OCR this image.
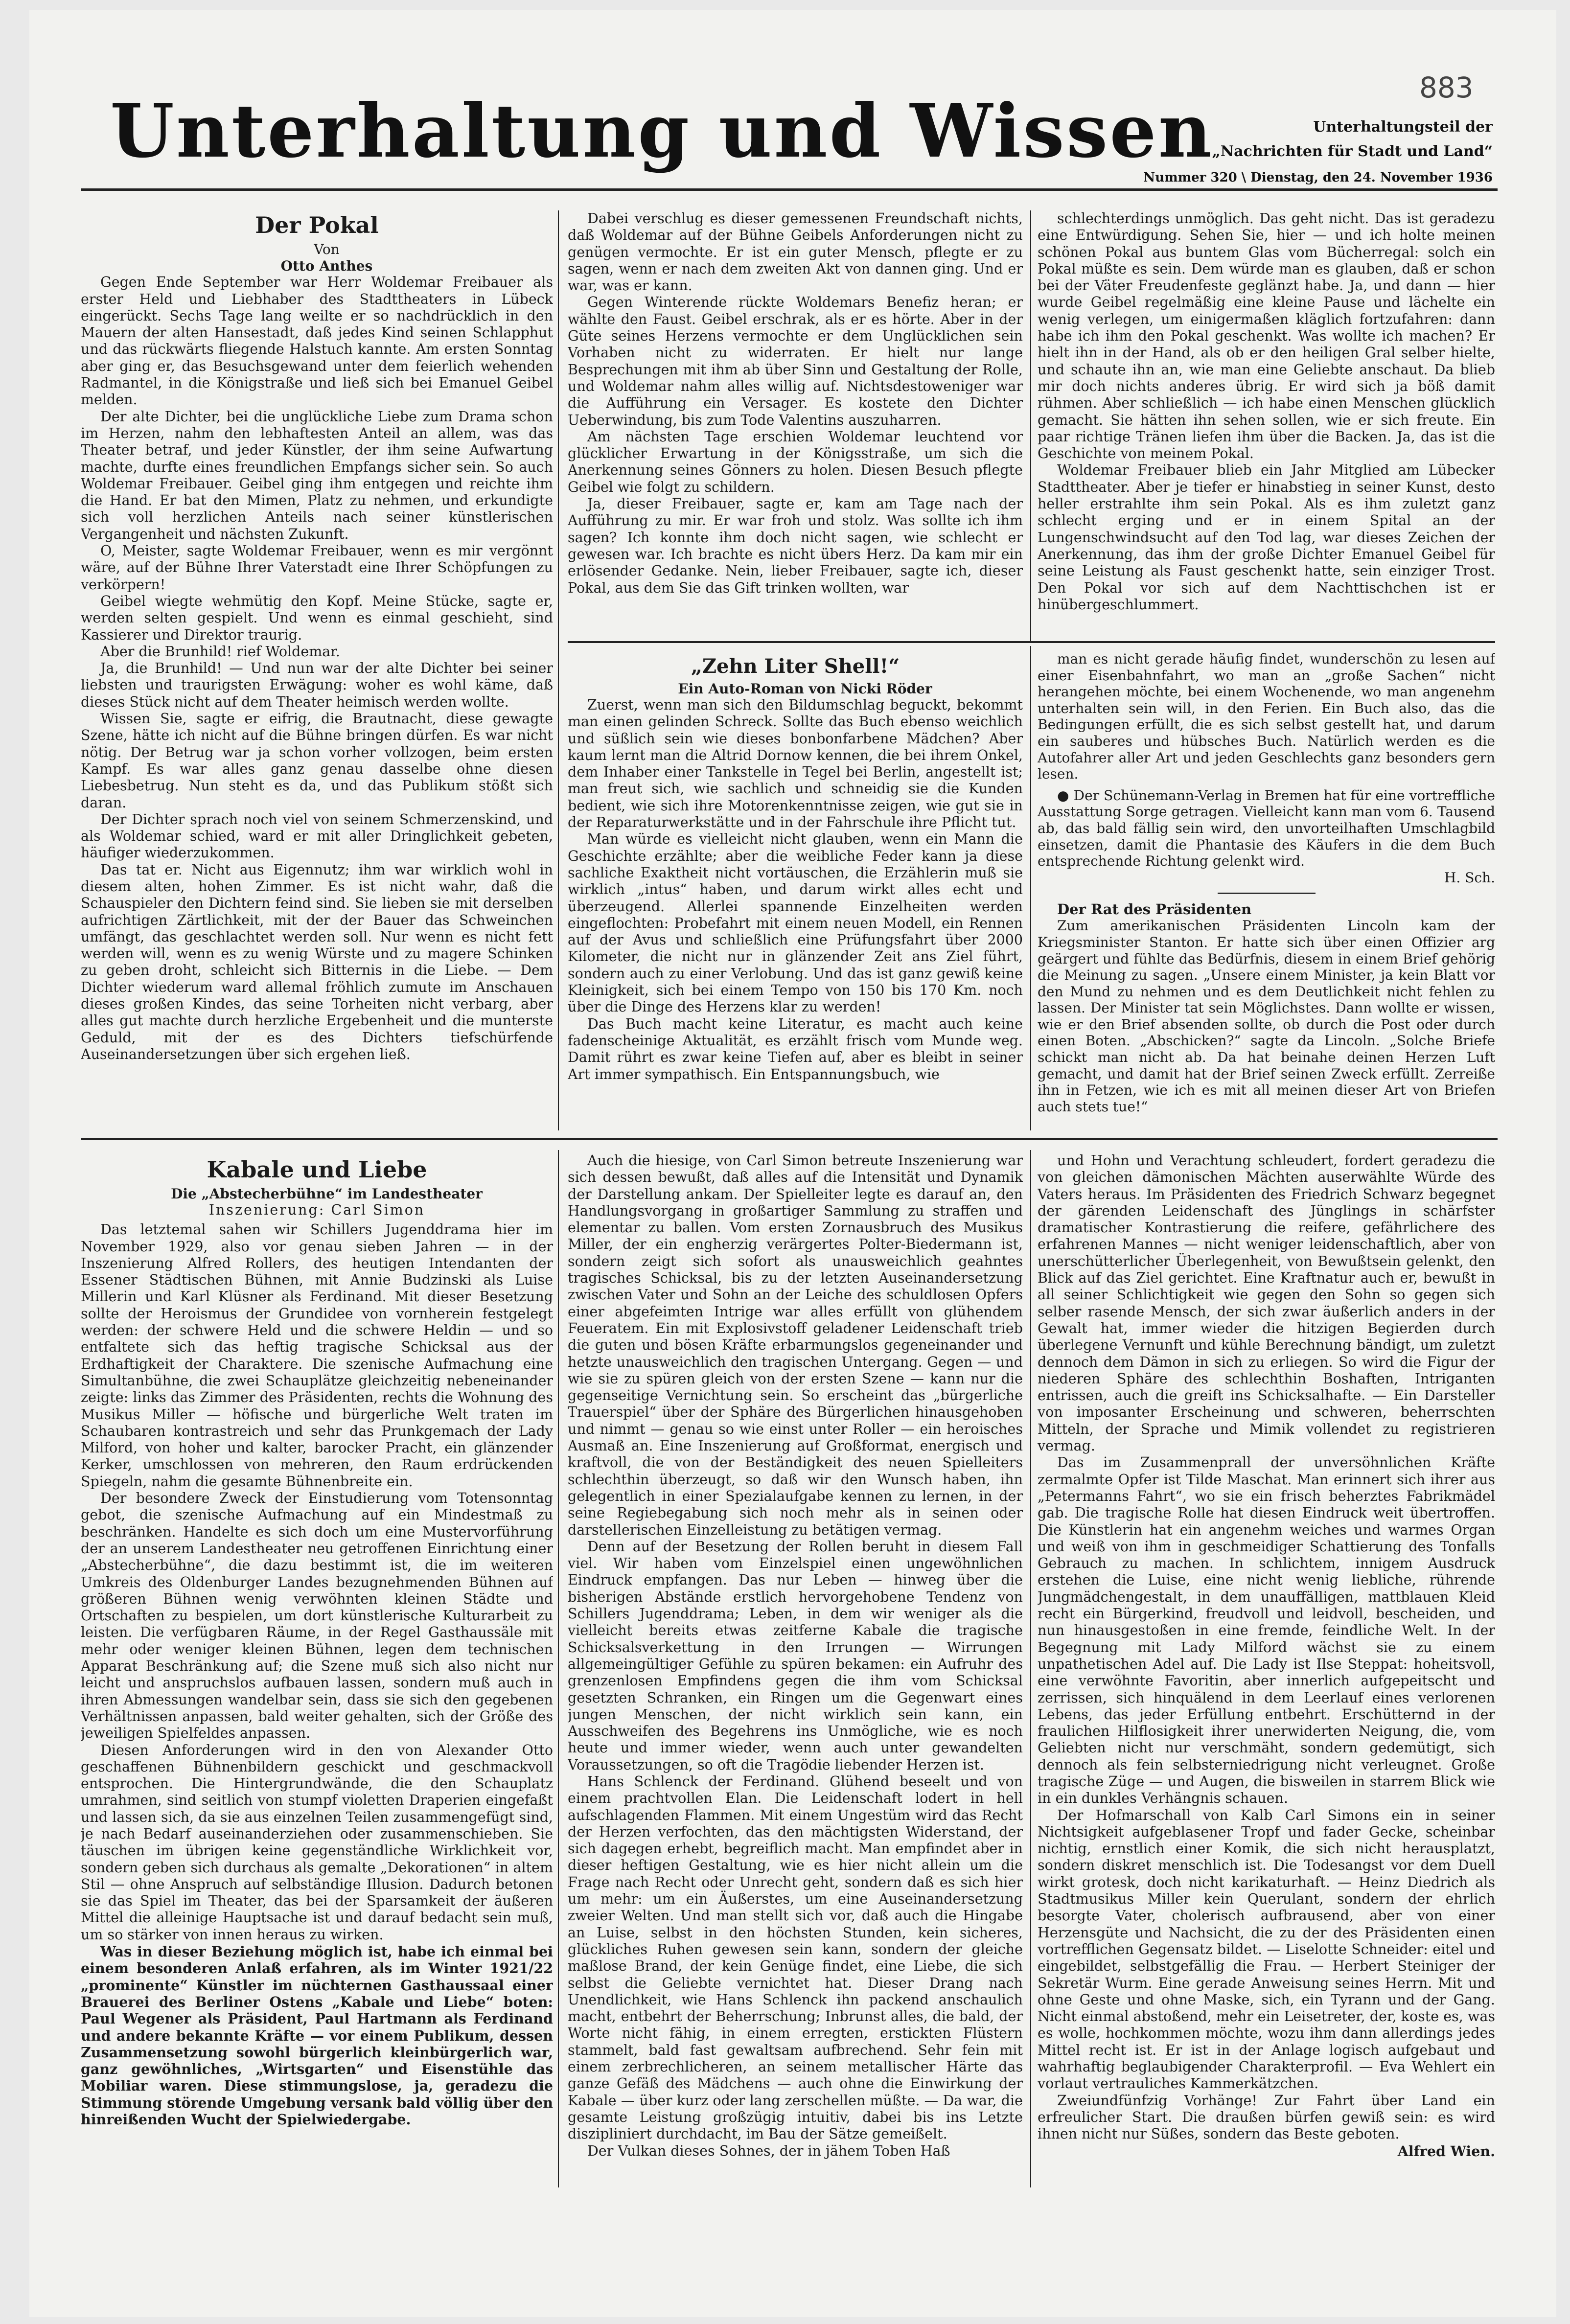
883
Unterhaltung und Wissen	Unterhaltungsteil der
„Nachrichten für Stadt und Land“
Nummer 320 \ Dienstag, den 24. November 1936
Der Pokal

Von

Otto Anthes

Gegen Ende September war Herr Woldemar Freibauer als erster Held und Liebhaber des Stadttheaters in Lübeck eingerückt. Sechs Tage lang weilte er so nachdrücklich in den Mauern der alten Hansestadt, daß jedes Kind seinen Schlapphut und das rückwärts fliegende Halstuch kannte. Am ersten Sonntag aber ging er, das Besuchsgewand unter dem feierlich wehenden Radmantel, in die Königstraße und ließ sich bei Emanuel Geibel melden.

Der alte Dichter, bei die unglückliche Liebe zum Drama schon im Herzen, nahm den lebhaftesten Anteil an allem, was das Theater betraf, und jeder Künstler, der ihm seine Aufwartung machte, durfte eines freundlichen Empfangs sicher sein. So auch Woldemar Freibauer. Geibel ging ihm entgegen und reichte ihm die Hand. Er bat den Mimen, Platz zu nehmen, und erkundigte sich voll herzlichen Anteils nach seiner künstlerischen Vergangenheit und nächsten Zukunft.

O, Meister, sagte Woldemar Freibauer, wenn es mir vergönnt wäre, auf der Bühne Ihrer Vaterstadt eine Ihrer Schöpfungen zu verkörpern!

Geibel wiegte wehmütig den Kopf. Meine Stücke, sagte er, werden selten gespielt. Und wenn es einmal geschieht, sind Kassierer und Direktor traurig.

Aber die Brunhild! rief Woldemar.

Ja, die Brunhild! — Und nun war der alte Dichter bei seiner liebsten und traurigsten Erwägung: woher es wohl käme, daß dieses Stück nicht auf dem Theater heimisch werden wollte.

Wissen Sie, sagte er eifrig, die Brautnacht, diese gewagte Szene, hätte ich nicht auf die Bühne bringen dürfen. Es war nicht nötig. Der Betrug war ja schon vorher vollzogen, beim ersten Kampf. Es war alles ganz genau dasselbe ohne diesen Liebesbetrug. Nun steht es da, und das Publikum stößt sich daran.

Der Dichter sprach noch viel von seinem Schmerzenskind, und als Woldemar schied, ward er mit aller Dringlichkeit gebeten, häufiger wiederzukommen.

Das tat er. Nicht aus Eigennutz; ihm war wirklich wohl in diesem alten, hohen Zimmer. Es ist nicht wahr, daß die Schauspieler den Dichtern feind sind. Sie lieben sie mit derselben aufrichtigen Zärtlichkeit, mit der der Bauer das Schweinchen umfängt, das geschlachtet werden soll. Nur wenn es nicht fett werden will, wenn es zu wenig Würste und zu magere Schinken zu geben droht, schleicht sich Bitternis in die Liebe. — Dem Dichter wiederum ward allemal fröhlich zumute im Anschauen dieses großen Kindes, das seine Torheiten nicht verbarg, aber alles gut machte durch herzliche Ergebenheit und die munterste Geduld, mit der es des Dichters tiefschürfende Auseinandersetzungen über sich ergehen ließ.

Dabei verschlug es dieser gemessenen Freundschaft nichts, daß Woldemar auf der Bühne Geibels Anforderungen nicht zu genügen vermochte. Er ist ein guter Mensch, pflegte er zu sagen, wenn er nach dem zweiten Akt von dannen ging. Und er war, was er kann.

Gegen Winterende rückte Woldemars Benefiz heran; er wählte den Faust. Geibel erschrak, als er es hörte. Aber in der Güte seines Herzens vermochte er dem Unglücklichen sein Vorhaben nicht zu widerraten. Er hielt nur lange Besprechungen mit ihm ab über Sinn und Gestaltung der Rolle, und Woldemar nahm alles willig auf. Nichtsdestoweniger war die Aufführung ein Versager. Es kostete den Dichter Ueberwindung, bis zum Tode Valentins auszuharren.

Am nächsten Tage erschien Woldemar leuchtend vor glücklicher Erwartung in der Königsstraße, um sich die Anerkennung seines Gönners zu holen. Diesen Besuch pflegte Geibel wie folgt zu schildern.

Ja, dieser Freibauer, sagte er, kam am Tage nach der Aufführung zu mir. Er war froh und stolz. Was sollte ich ihm sagen? Ich konnte ihm doch nicht sagen, wie schlecht er gewesen war. Ich brachte es nicht übers Herz. Da kam mir ein erlösender Gedanke. Nein, lieber Freibauer, sagte ich, dieser Pokal, aus dem Sie das Gift trinken wollten, war

schlechterdings unmöglich. Das geht nicht. Das ist geradezu eine Entwürdigung. Sehen Sie, hier — und ich holte meinen schönen Pokal aus buntem Glas vom Bücherregal: solch ein Pokal müßte es sein. Dem würde man es glauben, daß er schon bei der Väter Freudenfeste geglänzt habe. Ja, und dann — hier wurde Geibel regelmäßig eine kleine Pause und lächelte ein wenig verlegen, um einigermaßen kläglich fortzufahren: dann habe ich ihm den Pokal geschenkt. Was wollte ich machen? Er hielt ihn in der Hand, als ob er den heiligen Gral selber hielte, und schaute ihn an, wie man eine Geliebte anschaut. Da blieb mir doch nichts anderes übrig. Er wird sich ja böß damit rühmen. Aber schließlich — ich habe einen Menschen glücklich gemacht. Sie hätten ihn sehen sollen, wie er sich freute. Ein paar richtige Tränen liefen ihm über die Backen. Ja, das ist die Geschichte von meinem Pokal.

Woldemar Freibauer blieb ein Jahr Mitglied am Lübecker Stadttheater. Aber je tiefer er hinabstieg in seiner Kunst, desto heller erstrahlte ihm sein Pokal. Als es ihm zuletzt ganz schlecht erging und er in einem Spital an der Lungenschwindsucht auf den Tod lag, war dieses Zeichen der Anerkennung, das ihm der große Dichter Emanuel Geibel für seine Leistung als Faust geschenkt hatte, sein einziger Trost. Den Pokal vor sich auf dem Nachttischchen ist er hinübergeschlummert.

„Zehn Liter Shell!“

Ein Auto-Roman von Nicki Röder

Zuerst, wenn man sich den Bildumschlag beguckt, bekommt man einen gelinden Schreck. Sollte das Buch ebenso weichlich und süßlich sein wie dieses bonbonfarbene Mädchen? Aber kaum lernt man die Altrid Dornow kennen, die bei ihrem Onkel, dem Inhaber einer Tankstelle in Tegel bei Berlin, angestellt ist; man freut sich, wie sachlich und schneidig sie die Kunden bedient, wie sich ihre Motorenkenntnisse zeigen, wie gut sie in der Reparaturwerkstätte und in der Fahrschule ihre Pflicht tut.

Man würde es vielleicht nicht glauben, wenn ein Mann die Geschichte erzählte; aber die weibliche Feder kann ja diese sachliche Exaktheit nicht vortäuschen, die Erzählerin muß sie wirklich „intus“ haben, und darum wirkt alles echt und überzeugend. Allerlei spannende Einzelheiten werden eingeflochten: Probefahrt mit einem neuen Modell, ein Rennen auf der Avus und schließlich eine Prüfungsfahrt über 2000 Kilometer, die nicht nur in glänzender Zeit ans Ziel führt, sondern auch zu einer Verlobung. Und das ist ganz gewiß keine Kleinigkeit, sich bei einem Tempo von 150 bis 170 Km. noch über die Dinge des Herzens klar zu werden!

Das Buch macht keine Literatur, es macht auch keine fadenscheinige Aktualität, es erzählt frisch vom Munde weg. Damit rührt es zwar keine Tiefen auf, aber es bleibt in seiner Art immer sympathisch. Ein Entspannungsbuch, wie

man es nicht gerade häufig findet, wunderschön zu lesen auf einer Eisenbahnfahrt, wo man an „große Sachen“ nicht herangehen möchte, bei einem Wochenende, wo man angenehm unterhalten sein will, in den Ferien. Ein Buch also, das die Bedingungen erfüllt, die es sich selbst gestellt hat, und darum ein sauberes und hübsches Buch. Natürlich werden es die Autofahrer aller Art und jeden Geschlechts ganz besonders gern lesen.

● Der Schünemann-Verlag in Bremen hat für eine vortreffliche Ausstattung Sorge getragen. Vielleicht kann man vom 6. Tausend ab, das bald fällig sein wird, den unvorteilhaften Umschlagbild einsetzen, damit die Phantasie des Käufers in die dem Buch entsprechende Richtung gelenkt wird.

H. Sch.

Der Rat des Präsidenten

Zum amerikanischen Präsidenten Lincoln kam der Kriegsminister Stanton. Er hatte sich über einen Offizier arg geärgert und fühlte das Bedürfnis, diesem in einem Brief gehörig die Meinung zu sagen. „Unsere einem Minister, ja kein Blatt vor den Mund zu nehmen und es dem Deutlichkeit nicht fehlen zu lassen. Der Minister tat sein Möglichstes. Dann wollte er wissen, wie er den Brief absenden sollte, ob durch die Post oder durch einen Boten. „Abschicken?“ sagte da Lincoln. „Solche Briefe schickt man nicht ab. Da hat beinahe deinen Herzen Luft gemacht, und damit hat der Brief seinen Zweck erfüllt. Zerreiße ihn in Fetzen, wie ich es mit all meinen dieser Art von Briefen auch stets tue!“

Kabale und Liebe

Die „Abstecherbühne“ im Landestheater

Inszenierung: Carl Simon

Das letztemal sahen wir Schillers Jugenddrama hier im November 1929, also vor genau sieben Jahren — in der Inszenierung Alfred Rollers, des heutigen Intendanten der Essener Städtischen Bühnen, mit Annie Budzinski als Luise Millerin und Karl Klüsner als Ferdinand. Mit dieser Besetzung sollte der Heroismus der Grundidee von vornherein festgelegt werden: der schwere Held und die schwere Heldin — und so entfaltete sich das heftig tragische Schicksal aus der Erdhaftigkeit der Charaktere. Die szenische Aufmachung eine Simultanbühne, die zwei Schauplätze gleichzeitig nebeneinander zeigte: links das Zimmer des Präsidenten, rechts die Wohnung des Musikus Miller — höfische und bürgerliche Welt traten im Schaubaren kontrastreich und sehr das Prunkgemach der Lady Milford, von hoher und kalter, barocker Pracht, ein glänzender Kerker, umschlossen von mehreren, den Raum erdrückenden Spiegeln, nahm die gesamte Bühnenbreite ein.

Der besondere Zweck der Einstudierung vom Totensonntag gebot, die szenische Aufmachung auf ein Mindestmaß zu beschränken. Handelte es sich doch um eine Mustervorführung der an unserem Landestheater neu getroffenen Einrichtung einer „Abstecherbühne“, die dazu bestimmt ist, die im weiteren Umkreis des Oldenburger Landes bezugnehmenden Bühnen auf größeren Bühnen wenig verwöhnten kleinen Städte und Ortschaften zu bespielen, um dort künstlerische Kulturarbeit zu leisten. Die verfügbaren Räume, in der Regel Gasthaussäle mit mehr oder weniger kleinen Bühnen, legen dem technischen Apparat Beschränkung auf; die Szene muß sich also nicht nur leicht und anspruchslos aufbauen lassen, sondern muß auch in ihren Abmessungen wandelbar sein, dass sie sich den gegebenen Verhältnissen anpassen, bald weiter gehalten, sich der Größe des jeweiligen Spielfeldes anpassen.

Diesen Anforderungen wird in den von Alexander Otto geschaffenen Bühnenbildern geschickt und geschmackvoll entsprochen. Die Hintergrundwände, die den Schauplatz umrahmen, sind seitlich von stumpf violetten Draperien eingefaßt und lassen sich, da sie aus einzelnen Teilen zusammengefügt sind, je nach Bedarf auseinanderziehen oder zusammenschieben. Sie täuschen im übrigen keine gegenständliche Wirklichkeit vor, sondern geben sich durchaus als gemalte „Dekorationen“ in altem Stil — ohne Anspruch auf selbständige Illusion. Dadurch betonen sie das Spiel im Theater, das bei der Sparsamkeit der äußeren Mittel die alleinige Hauptsache ist und darauf bedacht sein muß, um so stärker von innen heraus zu wirken.

Was in dieser Beziehung möglich ist, habe ich einmal bei einem besonderen Anlaß erfahren, als im Winter 1921/22 „prominente“ Künstler im nüchternen Gasthaussaal einer Brauerei des Berliner Ostens „Kabale und Liebe“ boten: Paul Wegener als Präsident, Paul Hartmann als Ferdinand und andere bekannte Kräfte — vor einem Publikum, dessen Zusammensetzung sowohl bürgerlich kleinbürgerlich war, ganz gewöhnliches, „Wirtsgarten“ und Eisenstühle das Mobiliar waren. Diese stimmungslose, ja, geradezu die Stimmung störende Umgebung versank bald völlig über den hinreißenden Wucht der Spielwiedergabe.

Auch die hiesige, von Carl Simon betreute Inszenierung war sich dessen bewußt, daß alles auf die Intensität und Dynamik der Darstellung ankam. Der Spielleiter legte es darauf an, den Handlungsvorgang in großartiger Sammlung zu straffen und elementar zu ballen. Vom ersten Zornausbruch des Musikus Miller, der ein engherzig verärgertes Polter-Biedermann ist, sondern zeigt sich sofort als unausweichlich geahntes tragisches Schicksal, bis zu der letzten Auseinandersetzung zwischen Vater und Sohn an der Leiche des schuldlosen Opfers einer abgefeimten Intrige war alles erfüllt von glühendem Feueratem. Ein mit Explosivstoff geladener Leidenschaft trieb die guten und bösen Kräfte erbarmungslos gegeneinander und hetzte unausweichlich den tragischen Untergang. Gegen — und wie sie zu spüren gleich von der ersten Szene — kann nur die gegenseitige Vernichtung sein. So erscheint das „bürgerliche Trauerspiel“ über der Sphäre des Bürgerlichen hinausgehoben und nimmt — genau so wie einst unter Roller — ein heroisches Ausmaß an. Eine Inszenierung auf Großformat, energisch und kraftvoll, die von der Beständigkeit des neuen Spielleiters schlechthin überzeugt, so daß wir den Wunsch haben, ihn gelegentlich in einer Spezialaufgabe kennen zu lernen, in der seine Regiebegabung sich noch mehr als in seinen oder darstellerischen Einzelleistung zu betätigen vermag.

Denn auf der Besetzung der Rollen beruht in diesem Fall viel. Wir haben vom Einzelspiel einen ungewöhnlichen Eindruck empfangen. Das nur Leben — hinweg über die bisherigen Abstände erstlich hervorgehobene Tendenz von Schillers Jugenddrama; Leben, in dem wir weniger als die vielleicht bereits etwas zeitferne Kabale die tragische Schicksalsverkettung in den Irrungen — Wirrungen allgemeingültiger Gefühle zu spüren bekamen: ein Aufruhr des grenzenlosen Empfindens gegen die ihm vom Schicksal gesetzten Schranken, ein Ringen um die Gegenwart eines jungen Menschen, der nicht wirklich sein kann, ein Ausschweifen des Begehrens ins Unmögliche, wie es noch heute und immer wieder, wenn auch unter gewandelten Voraussetzungen, so oft die Tragödie liebender Herzen ist.

Hans Schlenck der Ferdinand. Glühend beseelt und von einem prachtvollen Elan. Die Leidenschaft lodert in hell aufschlagenden Flammen. Mit einem Ungestüm wird das Recht der Herzen verfochten, das den mächtigsten Widerstand, der sich dagegen erhebt, begreiflich macht. Man empfindet aber in dieser heftigen Gestaltung, wie es hier nicht allein um die Frage nach Recht oder Unrecht geht, sondern daß es sich hier um mehr: um ein Äußerstes, um eine Auseinandersetzung zweier Welten. Und man stellt sich vor, daß auch die Hingabe an Luise, selbst in den höchsten Stunden, kein sicheres, glückliches Ruhen gewesen sein kann, sondern der gleiche maßlose Brand, der kein Genüge findet, eine Liebe, die sich selbst die Geliebte vernichtet hat. Dieser Drang nach Unendlichkeit, wie Hans Schlenck ihn packend anschaulich macht, entbehrt der Beherrschung; Inbrunst alles, die bald, der Worte nicht fähig, in einem erregten, erstickten Flüstern stammelt, bald fast gewaltsam aufbrechend. Sehr fein mit einem zerbrechlicheren, an seinem metallischer Härte das ganze Gefäß des Mädchens — auch ohne die Einwirkung der Kabale — über kurz oder lang zerschellen müßte. — Da war, die gesamte Leistung großzügig intuitiv, dabei bis ins Letzte diszipliniert durchdacht, im Bau der Sätze gemeißelt.

Der Vulkan dieses Sohnes, der in jähem Toben Haß

und Hohn und Verachtung schleudert, fordert geradezu die von gleichen dämonischen Mächten auserwählte Würde des Vaters heraus. Im Präsidenten des Friedrich Schwarz begegnet der gärenden Leidenschaft des Jünglings in schärfster dramatischer Kontrastierung die reifere, gefährlichere des erfahrenen Mannes — nicht weniger leidenschaftlich, aber von unerschütterlicher Überlegenheit, von Bewußtsein gelenkt, den Blick auf das Ziel gerichtet. Eine Kraftnatur auch er, bewußt in all seiner Schlichtigkeit wie gegen den Sohn so gegen sich selber rasende Mensch, der sich zwar äußerlich anders in der Gewalt hat, immer wieder die hitzigen Begierden durch überlegene Vernunft und kühle Berechnung bändigt, um zuletzt dennoch dem Dämon in sich zu erliegen. So wird die Figur der niederen Sphäre des schlechthin Boshaften, Intriganten entrissen, auch die greift ins Schicksalhafte. — Ein Darsteller von imposanter Erscheinung und schweren, beherrschten Mitteln, der Sprache und Mimik vollendet zu registrieren vermag.

Das im Zusammenprall der unversöhnlichen Kräfte zermalmte Opfer ist Tilde Maschat. Man erinnert sich ihrer aus „Petermanns Fahrt“, wo sie ein frisch beherztes Fabrikmädel gab. Die tragische Rolle hat diesen Eindruck weit übertroffen. Die Künstlerin hat ein angenehm weiches und warmes Organ und weiß von ihm in geschmeidiger Schattierung des Tonfalls Gebrauch zu machen. In schlichtem, innigem Ausdruck erstehen die Luise, eine nicht wenig liebliche, rührende Jungmädchengestalt, in dem unauffälligen, mattblauen Kleid recht ein Bürgerkind, freudvoll und leidvoll, bescheiden, und nun hinausgestoßen in eine fremde, feindliche Welt. In der Begegnung mit Lady Milford wächst sie zu einem unpathetischen Adel auf. Die Lady ist Ilse Steppat: hoheitsvoll, eine verwöhnte Favoritin, aber innerlich aufgepeitscht und zerrissen, sich hinquälend in dem Leerlauf eines verlorenen Lebens, das jeder Erfüllung entbehrt. Erschütternd in der fraulichen Hilflosigkeit ihrer unerwiderten Neigung, die, vom Geliebten nicht nur verschmäht, sondern gedemütigt, sich dennoch als fein selbsterniedrigung nicht verleugnet. Große tragische Züge — und Augen, die bisweilen in starrem Blick wie in ein dunkles Verhängnis schauen.

Der Hofmarschall von Kalb Carl Simons ein in seiner Nichtsigkeit aufgeblasener Tropf und fader Gecke, scheinbar nichtig, ernstlich einer Komik, die sich nicht herausplatzt, sondern diskret menschlich ist. Die Todesangst vor dem Duell wirkt grotesk, doch nicht karikaturhaft. — Heinz Diedrich als Stadtmusikus Miller kein Querulant, sondern der ehrlich besorgte Vater, cholerisch aufbrausend, aber von einer Herzensgüte und Nachsicht, die zu der des Präsidenten einen vortrefflichen Gegensatz bildet. — Liselotte Schneider: eitel und eingebildet, selbstgefällig die Frau. — Herbert Steiniger der Sekretär Wurm. Eine gerade Anweisung seines Herrn. Mit und ohne Geste und ohne Maske, sich, ein Tyrann und der Gang. Nicht einmal abstoßend, mehr ein Leisetreter, der, koste es, was es wolle, hochkommen möchte, wozu ihm dann allerdings jedes Mittel recht ist. Er ist in der Anlage logisch aufgebaut und wahrhaftig beglaubigender Charakterprofil. — Eva Wehlert ein vorlaut vertrauliches Kammerkätzchen.

Zweiundfünfzig Vorhänge! Zur Fahrt über Land ein erfreulicher Start. Die draußen bürfen gewiß sein: es wird ihnen nicht nur Süßes, sondern das Beste geboten.

Alfred Wien.
